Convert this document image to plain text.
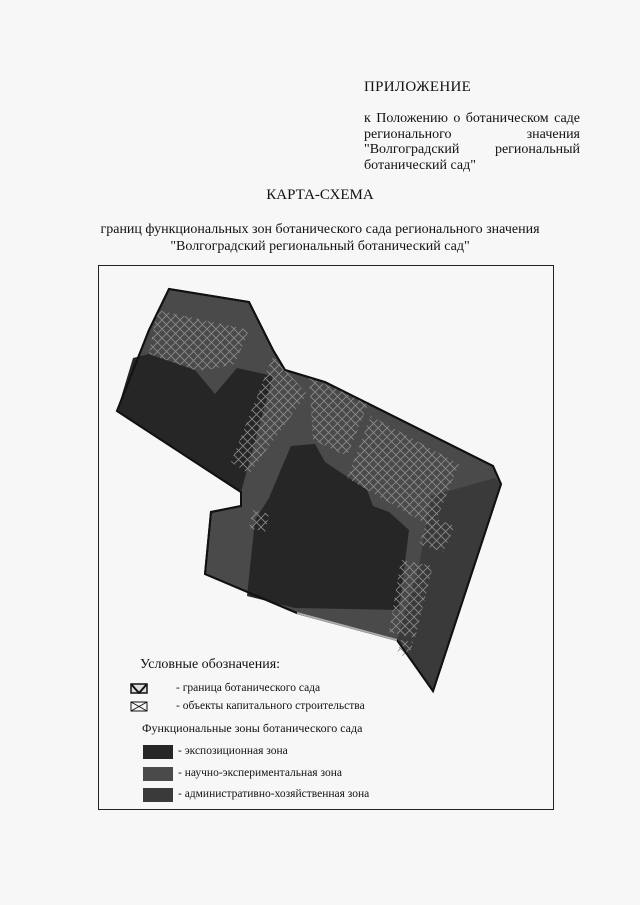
ПРИЛОЖЕНИЕ
к Положению о ботаническом саде регионального значения "Волгоградский региональный ботанический сад"
КАРТА-СХЕМА
границ функциональных зон ботанического сада регионального значения
"Волгоградский региональный ботанический сад"
Условные обозначения:
- граница ботанического сада
- объекты капитального строительства
Функциональные зоны ботанического сада
- экспозиционная зона
- научно-экспериментальная зона
- административно-хозяйственная зона
